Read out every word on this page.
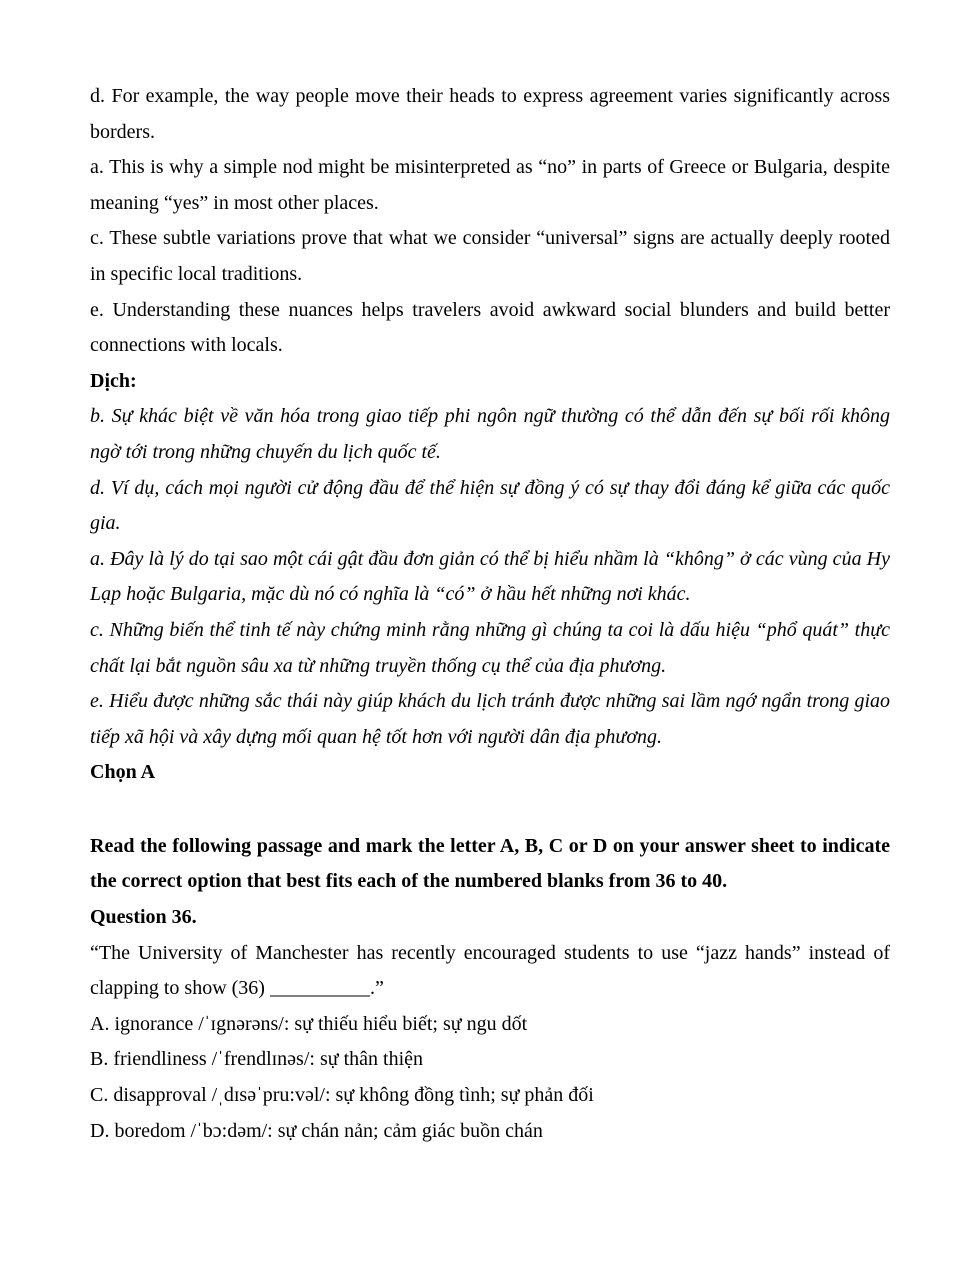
d. For example, the way people move their heads to express agreement varies significantly across borders.

a. This is why a simple nod might be misinterpreted as “no” in parts of Greece or Bulgaria, despite meaning “yes” in most other places.

c. These subtle variations prove that what we consider “universal” signs are actually deeply rooted in specific local traditions.

e. Understanding these nuances helps travelers avoid awkward social blunders and build better connections with locals.

Dịch:

b. Sự khác biệt về văn hóa trong giao tiếp phi ngôn ngữ thường có thể dẫn đến sự bối rối không ngờ tới trong những chuyến du lịch quốc tế.

d. Ví dụ, cách mọi người cử động đầu để thể hiện sự đồng ý có sự thay đổi đáng kể giữa các quốc gia.

a. Đây là lý do tại sao một cái gật đầu đơn giản có thể bị hiểu nhầm là “không” ở các vùng của Hy Lạp hoặc Bulgaria, mặc dù nó có nghĩa là “có” ở hầu hết những nơi khác.

c. Những biến thể tinh tế này chứng minh rằng những gì chúng ta coi là dấu hiệu “phổ quát” thực chất lại bắt nguồn sâu xa từ những truyền thống cụ thể của địa phương.

e. Hiểu được những sắc thái này giúp khách du lịch tránh được những sai lầm ngớ ngẩn trong giao tiếp xã hội và xây dựng mối quan hệ tốt hơn với người dân địa phương.

Chọn A

Read the following passage and mark the letter A, B, C or D on your answer sheet to indicate the correct option that best fits each of the numbered blanks from 36 to 40.

Question 36.

“The University of Manchester has recently encouraged students to use “jazz hands” instead of clapping to show (36) __________.”

A. ignorance /ˈɪgnərəns/: sự thiếu hiểu biết; sự ngu dốt

B. friendliness /ˈfrendlɪnəs/: sự thân thiện

C. disapproval /ˌdɪsəˈpru:vəl/: sự không đồng tình; sự phản đối

D. boredom /ˈbɔ:dəm/: sự chán nản; cảm giác buồn chán
